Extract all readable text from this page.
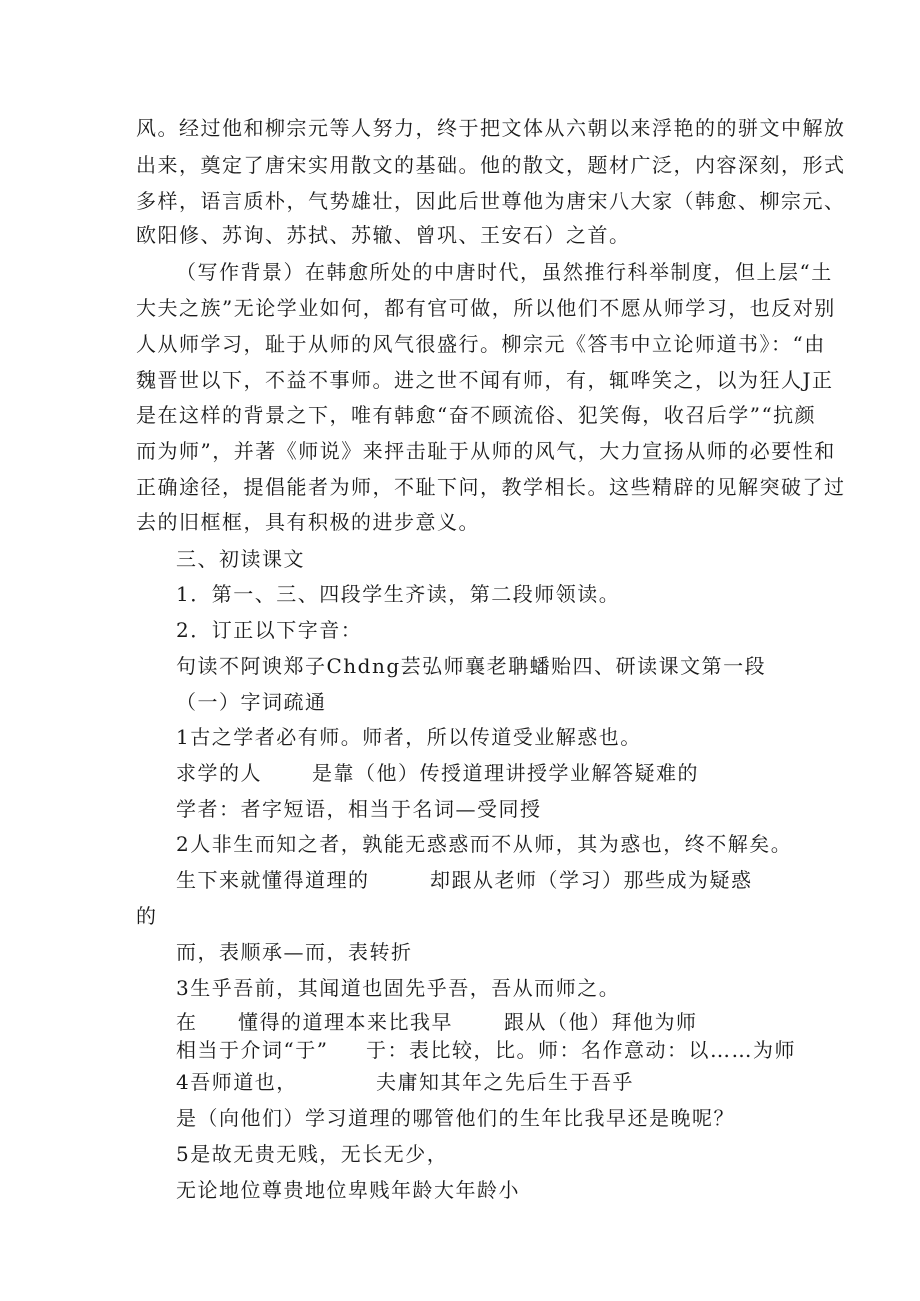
风。经过他和柳宗元等人努力，终于把文体从六朝以来浮艳的的骈文中解放

出来，奠定了唐宋实用散文的基础。他的散文，题材广泛，内容深刻，形式

多样，语言质朴，气势雄壮，因此后世尊他为唐宋八大家（韩愈、柳宗元、

欧阳修、苏询、苏拭、苏辙、曾巩、王安石）之首。

（写作背景）在韩愈所处的中唐时代，虽然推行科举制度，但上层“土

大夫之族”无论学业如何，都有官可做，所以他们不愿从师学习，也反对别

人从师学习，耻于从师的风气很盛行。柳宗元《答韦中立论师道书》：“由

魏晋世以下，不益不事师。进之世不闻有师，有，辄哗笑之，以为狂人J正

是在这样的背景之下，唯有韩愈“奋不顾流俗、犯笑侮，收召后学”“抗颜

而为师”，并著《师说》来抨击耻于从师的风气，大力宣扬从师的必要性和

正确途径，提倡能者为师，不耻下问，教学相长。这些精辟的见解突破了过

去的旧框框，具有积极的进步意义。

三、初读课文

1．第一、三、四段学生齐读，第二段师领读。

2．订正以下字音：

句读不阿谀郑子Chdng芸弘师襄老聃蟠贻四、研读课文第一段

（一）字词疏通

1古之学者必有师。师者，所以传道受业解惑也。

求学的人	是靠（他）传授道理讲授学业解答疑难的

学者：者字短语，相当于名词—受同授

2人非生而知之者，孰能无惑惑而不从师，其为惑也，终不解矣。

生下来就懂得道理的	却跟从老师（学习）那些成为疑惑

的

而，表顺承—而，表转折

3生乎吾前，其闻道也固先乎吾，吾从而师之。

在 懂得的道理本来比我早	跟从（他）拜他为师

相当于介词“于” 于：表比较，比。师：名作意动：以……为师

4吾师道也，	夫庸知其年之先后生于吾乎

是（向他们）学习道理的哪管他们的生年比我早还是晚呢？

5是故无贵无贱，无长无少，

无论地位尊贵地位卑贱年龄大年龄小
